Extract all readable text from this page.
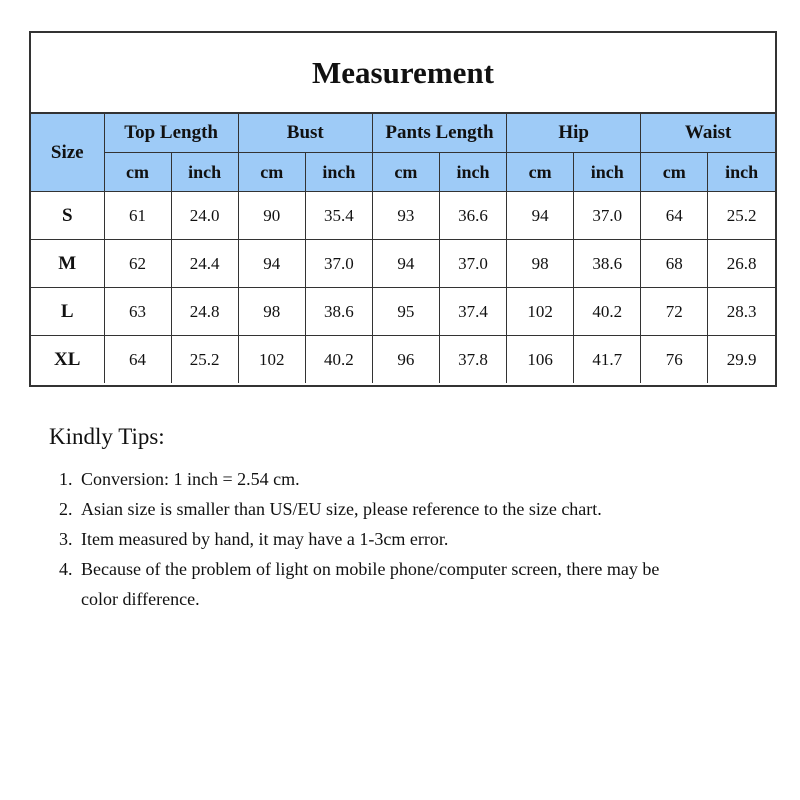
Measurement
Size	Top Length		Bust		Pants Length		Hip		Waist	
	cm	inch	cm	inch	cm	inch	cm	inch	cm	inch
S	61	24.0	90	35.4	93	36.6	94	37.0	64	25.2
M	62	24.4	94	37.0	94	37.0	98	38.6	68	26.8
L	63	24.8	98	38.6	95	37.4	102	40.2	72	28.3
XL	64	25.2	102	40.2	96	37.8	106	41.7	76	29.9
Kindly Tips:
1. Conversion: 1 inch = 2.54 cm.
2. Asian size is smaller than US/EU size, please reference to the size chart.
3. Item measured by hand, it may have a 1-3cm error.
4. Because of the problem of light on mobile phone/computer screen, there may be color difference.
